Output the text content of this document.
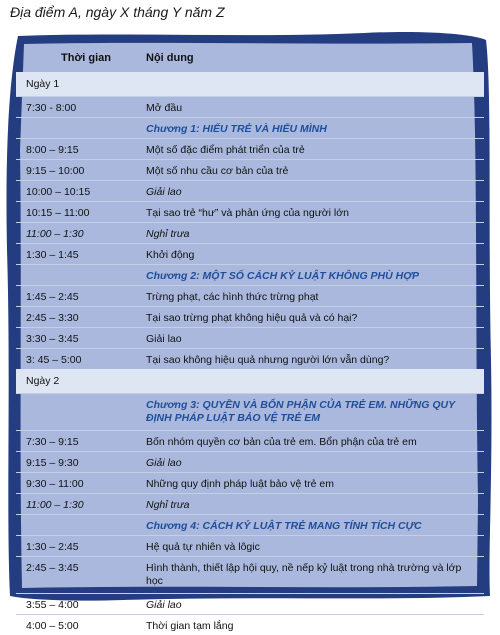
Địa điểm A, ngày X tháng Y năm Z
Thời gian	Nội dung
Ngày 1
7:30 - 8:00	Mở đầu
Chương 1: HIỂU TRẺ VÀ HIỂU MÌNH
8:00 – 9:15	Một số đặc điểm phát triển của trẻ
9:15 – 10:00	Một số nhu cầu cơ bản của trẻ
10:00 – 10:15	Giải lao
10:15 – 11:00	Tại sao trẻ “hư” và phản ứng của người lớn
11:00 – 1:30	Nghỉ trưa
1:30 – 1:45	Khởi động
Chương 2: MỘT SỐ CÁCH KỶ LUẬT KHÔNG PHÙ HỢP
1:45 – 2:45	Trừng phạt, các hình thức trừng phạt
2:45 – 3:30	Tại sao trừng phạt không hiệu quả và có hại?
3:30 – 3:45	Giải lao
3: 45 – 5:00	Tại sao không hiệu quả nhưng người lớn vẫn dùng?
Ngày 2
Chương 3: QUYỀN VÀ BỔN PHẬN CỦA TRẺ EM. NHỮNG QUY ĐỊNH PHÁP LUẬT BẢO VỆ TRẺ EM
7:30 – 9:15	Bốn nhóm quyền cơ bản của trẻ em. Bổn phận của trẻ em
9:15 – 9:30	Giải lao
9:30 – 11:00	Những quy định pháp luật bảo vệ trẻ em
11:00 – 1:30	Nghỉ trưa
Chương 4: CÁCH KỶ LUẬT TRẺ MANG TÍNH TÍCH CỰC
1:30 – 2:45	Hệ quả tự nhiên và lôgic
2:45 – 3:45	Hình thành, thiết lập hội quy, nề nếp kỷ luật trong nhà trường và lớp học
3:55 – 4:00	Giải lao
4:00 – 5:00	Thời gian tạm lắng
